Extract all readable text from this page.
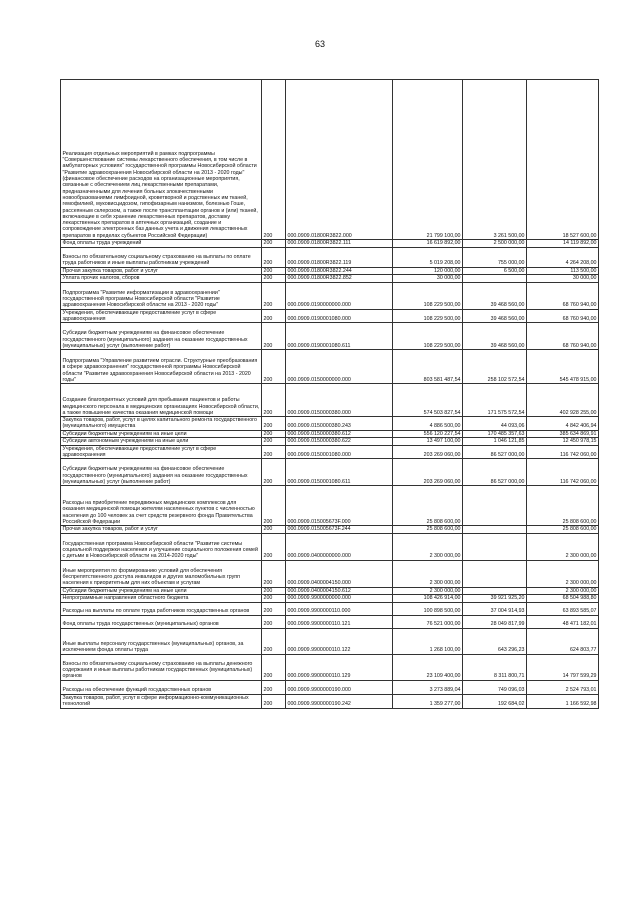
63
Реализация отдельных мероприятий в рамках подпрограммы "Совершенствование системы лекарственного обеспечения, в том числе в амбулаторных условиях" государственной программы Новосибирской области "Развитие здравоохранения Новосибирской области на 2013 - 2020 годы" (финансовое обеспечение расходов на организационные мероприятия, связанные с обеспечением лиц лекарственными препаратами, предназначенными для лечения больных злокачественными новообразованиями лимфоидной, кроветворной и родственных им тканей, гемофилией, муковисцидозом, гипофизарным нанизмом, болезнью Гоше, рассеянным склерозом, а также после трансплантации органов и (или) тканей, включающие в себя хранение лекарственных препаратов, доставку лекарственных препаратов в аптечных организаций, создание и сопровождение электронных баз данных учета и движения лекарственных препаратов в пределах субъектов Российской Федерации)	200	000.0909.01800R3822.000	21 799 100,00	3 261 500,00	18 527 600,00
Фонд оплаты труда учреждений	200	000.0909.01800R3822.111	16 619 892,00	2 500 000,00	14 119 892,00
Взносы по обязательному социальному страхованию на выплаты по оплате труда работников и иные выплаты работникам учреждений	200	000.0909.01800R3822.119	5 019 208,00	755 000,00	4 264 208,00
Прочая закупка товаров, работ и услуг	200	000.0909.01800R3822.244	120 000,00	6 500,00	113 500,00
Уплата прочих налогов, сборов	200	000.0909.01800R3822.852	30 000,00		30 000,00
Подпрограмма "Развитие информатизации в здравоохранении" государственной программы Новосибирской области "Развитие здравоохранения Новосибирской области на 2013 - 2020 годы"	200	000.0909.0190000000.000	108 229 500,00	39 468 560,00	68 760 940,00
Учреждения, обеспечивающие предоставление услуг в сфере здравоохранения	200	000.0909.0190001080.000	108 229 500,00	39 468 560,00	68 760 940,00
Субсидии бюджетным учреждениям на финансовое обеспечение государственного (муниципального) задания на оказание государственных (муниципальных) услуг (выполнение работ)	200	000.0909.0190001080.611	108 229 500,00	39 468 560,00	68 760 940,00
Подпрограмма "Управление развитием отрасли. Структурные преобразования в сфере здравоохранения" государственной программы Новосибирской области "Развитие здравоохранения Новосибирской области на 2013 - 2020 годы"	200	000.0909.0150000000.000	803 581 487,54	258 102 572,54	545 478 915,00
Создание благоприятных условий для пребывания пациентов и работы медицинского персонала в медицинских организациях Новосибирской области, а также повышение качества оказания медицинской помощи	200	000.0909.0150000380.000	574 503 827,54	171 575 572,54	402 928 255,00
Закупка товаров, работ, услуг в целях капитального ремонта государственного (муниципального) имущества	200	000.0909.0150000380.243	4 886 500,00	44 093,06	4 842 406,94
Субсидии бюджетным учреждениям на иные цели	200	000.0909.0150000380.612	556 120 227,54	170 485 357,63	385 634 869,91
Субсидии автономным учреждениям на иные цели	200	000.0909.0150000380.622	13 497 100,00	1 046 121,85	12 450 978,15
Учреждения, обеспечивающие предоставление услуг в сфере здравоохранения	200	000.0909.0150001080.000	203 269 060,00	86 527 000,00	116 742 060,00
Субсидии бюджетным учреждениям на финансовое обеспечение государственного (муниципального) задания на оказание государственных (муниципальных) услуг (выполнение работ)	200	000.0909.0150001080.611	203 269 060,00	86 527 000,00	116 742 060,00
Расходы на приобретение передвижных медицинских комплексов для оказания медицинской помощи жителям населенных пунктов с численностью населения до 100 человек за счет средств резервного фонда Правительства Российской Федерации	200	000.0909.015005673F.000	25 808 600,00		25 808 600,00
Прочая закупка товаров, работ и услуг	200	000.0909.015005673F.244	25 808 600,00		25 808 600,00
Государственная программа Новосибирской области "Развитие системы социальной поддержки населения и улучшение социального положения семей с детьми в Новосибирской области на 2014-2020 годы"	200	000.0909.0400000000.000	2 300 000,00		2 300 000,00
Иные мероприятия по формированию условий для обеспечения беспрепятственного доступа инвалидов и других маломобильных групп населения к приоритетным для них объектам и услугам	200	000.0909.0400004150.000	2 300 000,00		2 300 000,00
Субсидии бюджетным учреждениям на иные цели	200	000.0909.0400004150.612	2 300 000,00		2 300 000,00
Непрограммные направления областного бюджета	200	000.0909.9900000000.000	108 426 914,00	39 921 925,20	68 504 988,80
Расходы на выплаты по оплате труда работников государственных органов	200	000.0909.9900000110.000	100 898 500,00	37 004 914,93	63 893 585,07
Фонд оплаты труда государственных (муниципальных) органов	200	000.0909.9900000110.121	76 521 000,00	28 049 817,99	48 471 182,01
Иные выплаты персоналу государственных (муниципальных) органов, за исключением фонда оплаты труда	200	000.0909.9900000110.122	1 268 100,00	643 296,23	624 803,77
Взносы по обязательному социальному страхованию на выплаты денежного содержания и иные выплаты работникам государственных (муниципальных) органов	200	000.0909.9900000110.129	23 109 400,00	8 311 800,71	14 797 599,29
Расходы на обеспечение функций государственных органов	200	000.0909.9900000190.000	3 273 889,04	749 096,03	2 524 793,01
Закупка товаров, работ, услуг в сфере информационно-коммуникационных технологий	200	000.0909.9900000190.242	1 359 277,00	192 684,02	1 166 592,98
